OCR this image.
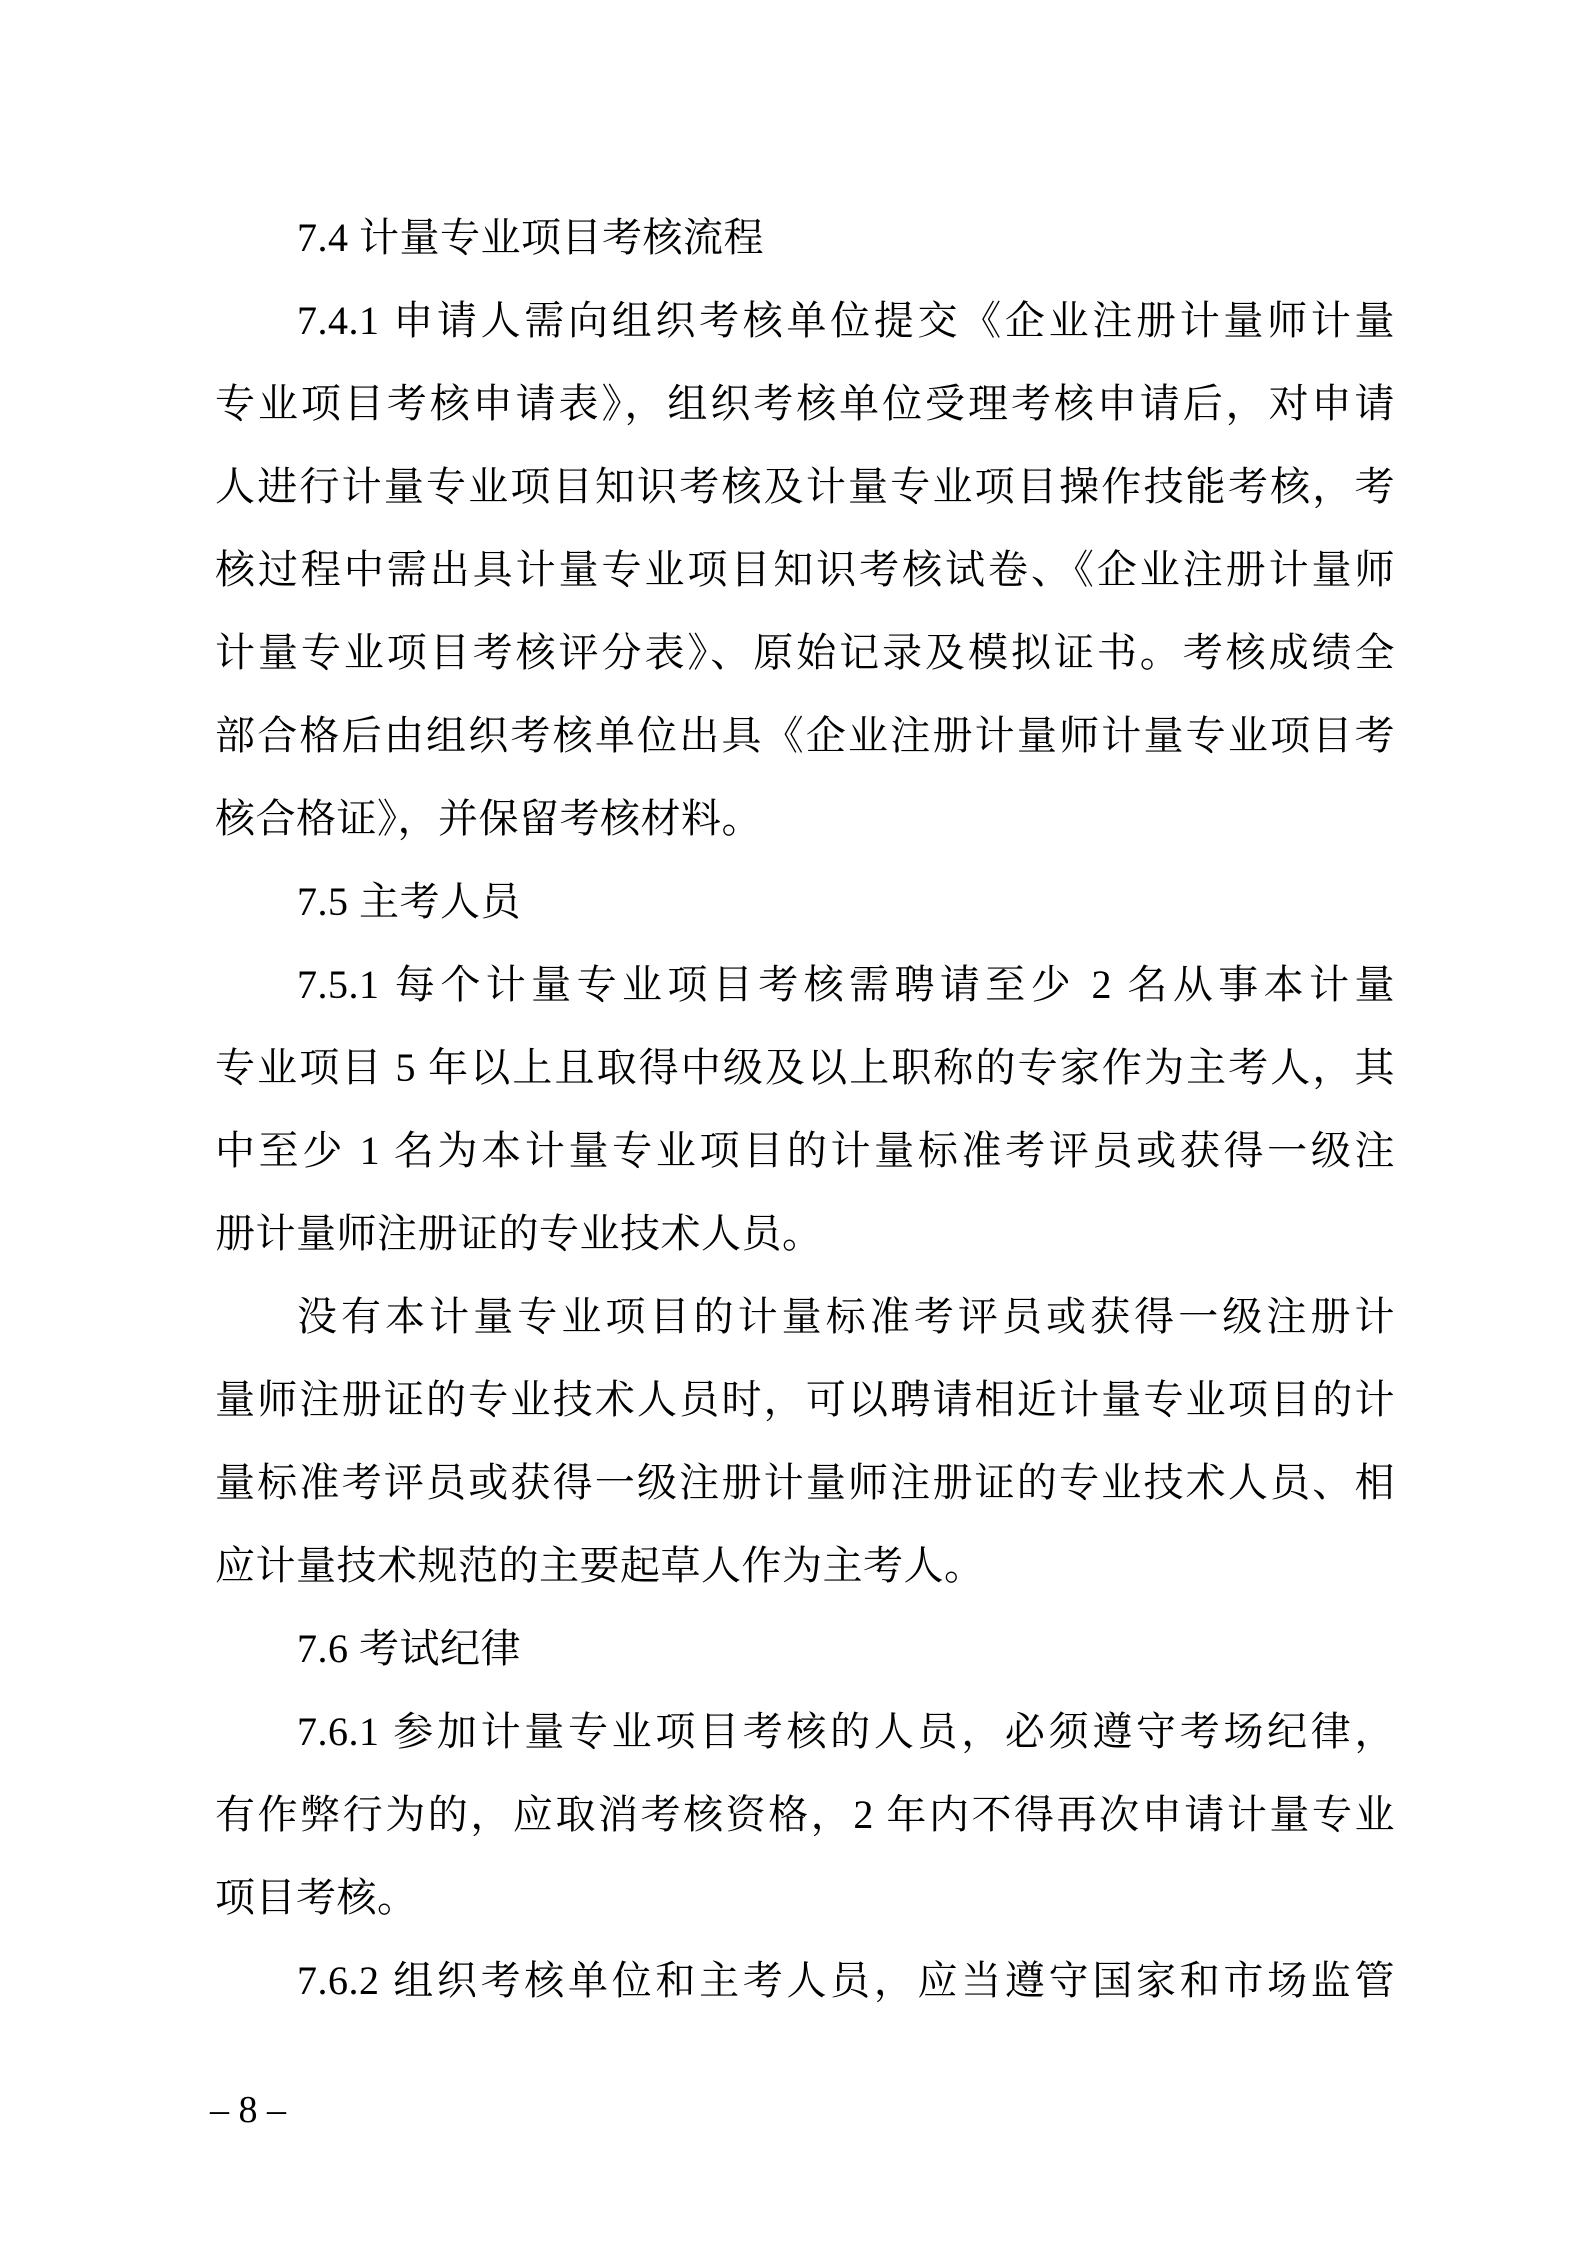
7.4 计量专业项目考核流程
7.4.1 申请人需向组织考核单位提交《企业注册计量师计量
专业项目考核申请表》，组织考核单位受理考核申请后，对申请
人进行计量专业项目知识考核及计量专业项目操作技能考核，考
核过程中需出具计量专业项目知识考核试卷、《企业注册计量师
计量专业项目考核评分表》、原始记录及模拟证书。考核成绩全
部合格后由组织考核单位出具《企业注册计量师计量专业项目考
核合格证》，并保留考核材料。
7.5 主考人员
7.5.1 每个计量专业项目考核需聘请至少 2 名从事本计量
专业项目 5 年以上且取得中级及以上职称的专家作为主考人，其
中至少 1 名为本计量专业项目的计量标准考评员或获得一级注
册计量师注册证的专业技术人员。
没有本计量专业项目的计量标准考评员或获得一级注册计
量师注册证的专业技术人员时，可以聘请相近计量专业项目的计
量标准考评员或获得一级注册计量师注册证的专业技术人员、相
应计量技术规范的主要起草人作为主考人。
7.6 考试纪律
7.6.1 参加计量专业项目考核的人员，必须遵守考场纪律，
有作弊行为的，应取消考核资格，2 年内不得再次申请计量专业
项目考核。
7.6.2 组织考核单位和主考人员，应当遵守国家和市场监管
– 8 –
